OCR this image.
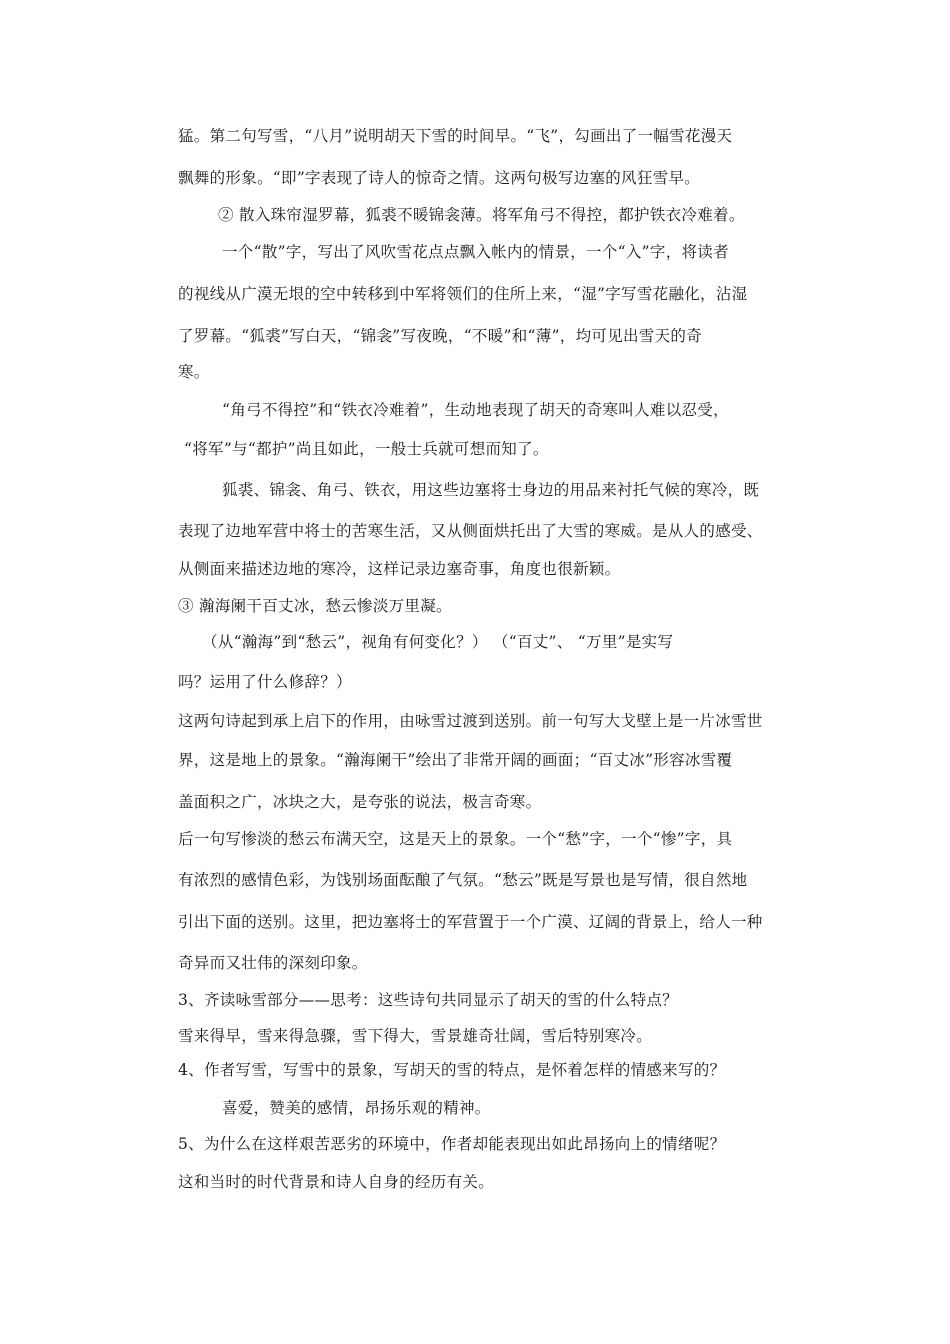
猛。第二句写雪，“八月”说明胡天下雪的时间早。“飞”，勾画出了一幅雪花漫天
飘舞的形象。“即”字表现了诗人的惊奇之情。这两句极写边塞的风狂雪早。
② 散入珠帘湿罗幕，狐裘不暖锦衾薄。将军角弓不得控，都护铁衣冷难着。
一个“散”字，写出了风吹雪花点点飘入帐内的情景，一个“入”字，将读者
的视线从广漠无垠的空中转移到中军将领们的住所上来，“湿”字写雪花融化，沾湿
了罗幕。“狐裘”写白天，“锦衾”写夜晚，“不暖”和“薄”，均可见出雪天的奇
寒。
“角弓不得控”和“铁衣冷难着”，生动地表现了胡天的奇寒叫人难以忍受，
“将军”与“都护”尚且如此，一般士兵就可想而知了。
狐裘、锦衾、角弓、铁衣，用这些边塞将士身边的用品来衬托气候的寒冷，既
表现了边地军营中将士的苦寒生活，又从侧面烘托出了大雪的寒威。是从人的感受、
从侧面来描述边地的寒冷，这样记录边塞奇事，角度也很新颖。
③ 瀚海阑干百丈冰，愁云惨淡万里凝。
（从“瀚海”到“愁云”，视角有何变化？） （“百丈”、 “万里”是实写
吗？运用了什么修辞？）
这两句诗起到承上启下的作用，由咏雪过渡到送别。前一句写大戈壁上是一片冰雪世
界，这是地上的景象。“瀚海阑干”绘出了非常开阔的画面；“百丈冰”形容冰雪覆
盖面积之广，冰块之大，是夸张的说法，极言奇寒。
后一句写惨淡的愁云布满天空，这是天上的景象。一个“愁”字，一个“惨”字，具
有浓烈的感情色彩，为饯别场面酝酿了气氛。“愁云”既是写景也是写情，很自然地
引出下面的送别。这里，把边塞将士的军营置于一个广漠、辽阔的背景上，给人一种
奇异而又壮伟的深刻印象。
3、齐读咏雪部分——思考：这些诗句共同显示了胡天的雪的什么特点？
雪来得早，雪来得急骤，雪下得大，雪景雄奇壮阔，雪后特别寒冷。
4、作者写雪，写雪中的景象，写胡天的雪的特点，是怀着怎样的情感来写的？
喜爱，赞美的感情，昂扬乐观的精神。
5、为什么在这样艰苦恶劣的环境中，作者却能表现出如此昂扬向上的情绪呢？
这和当时的时代背景和诗人自身的经历有关。
